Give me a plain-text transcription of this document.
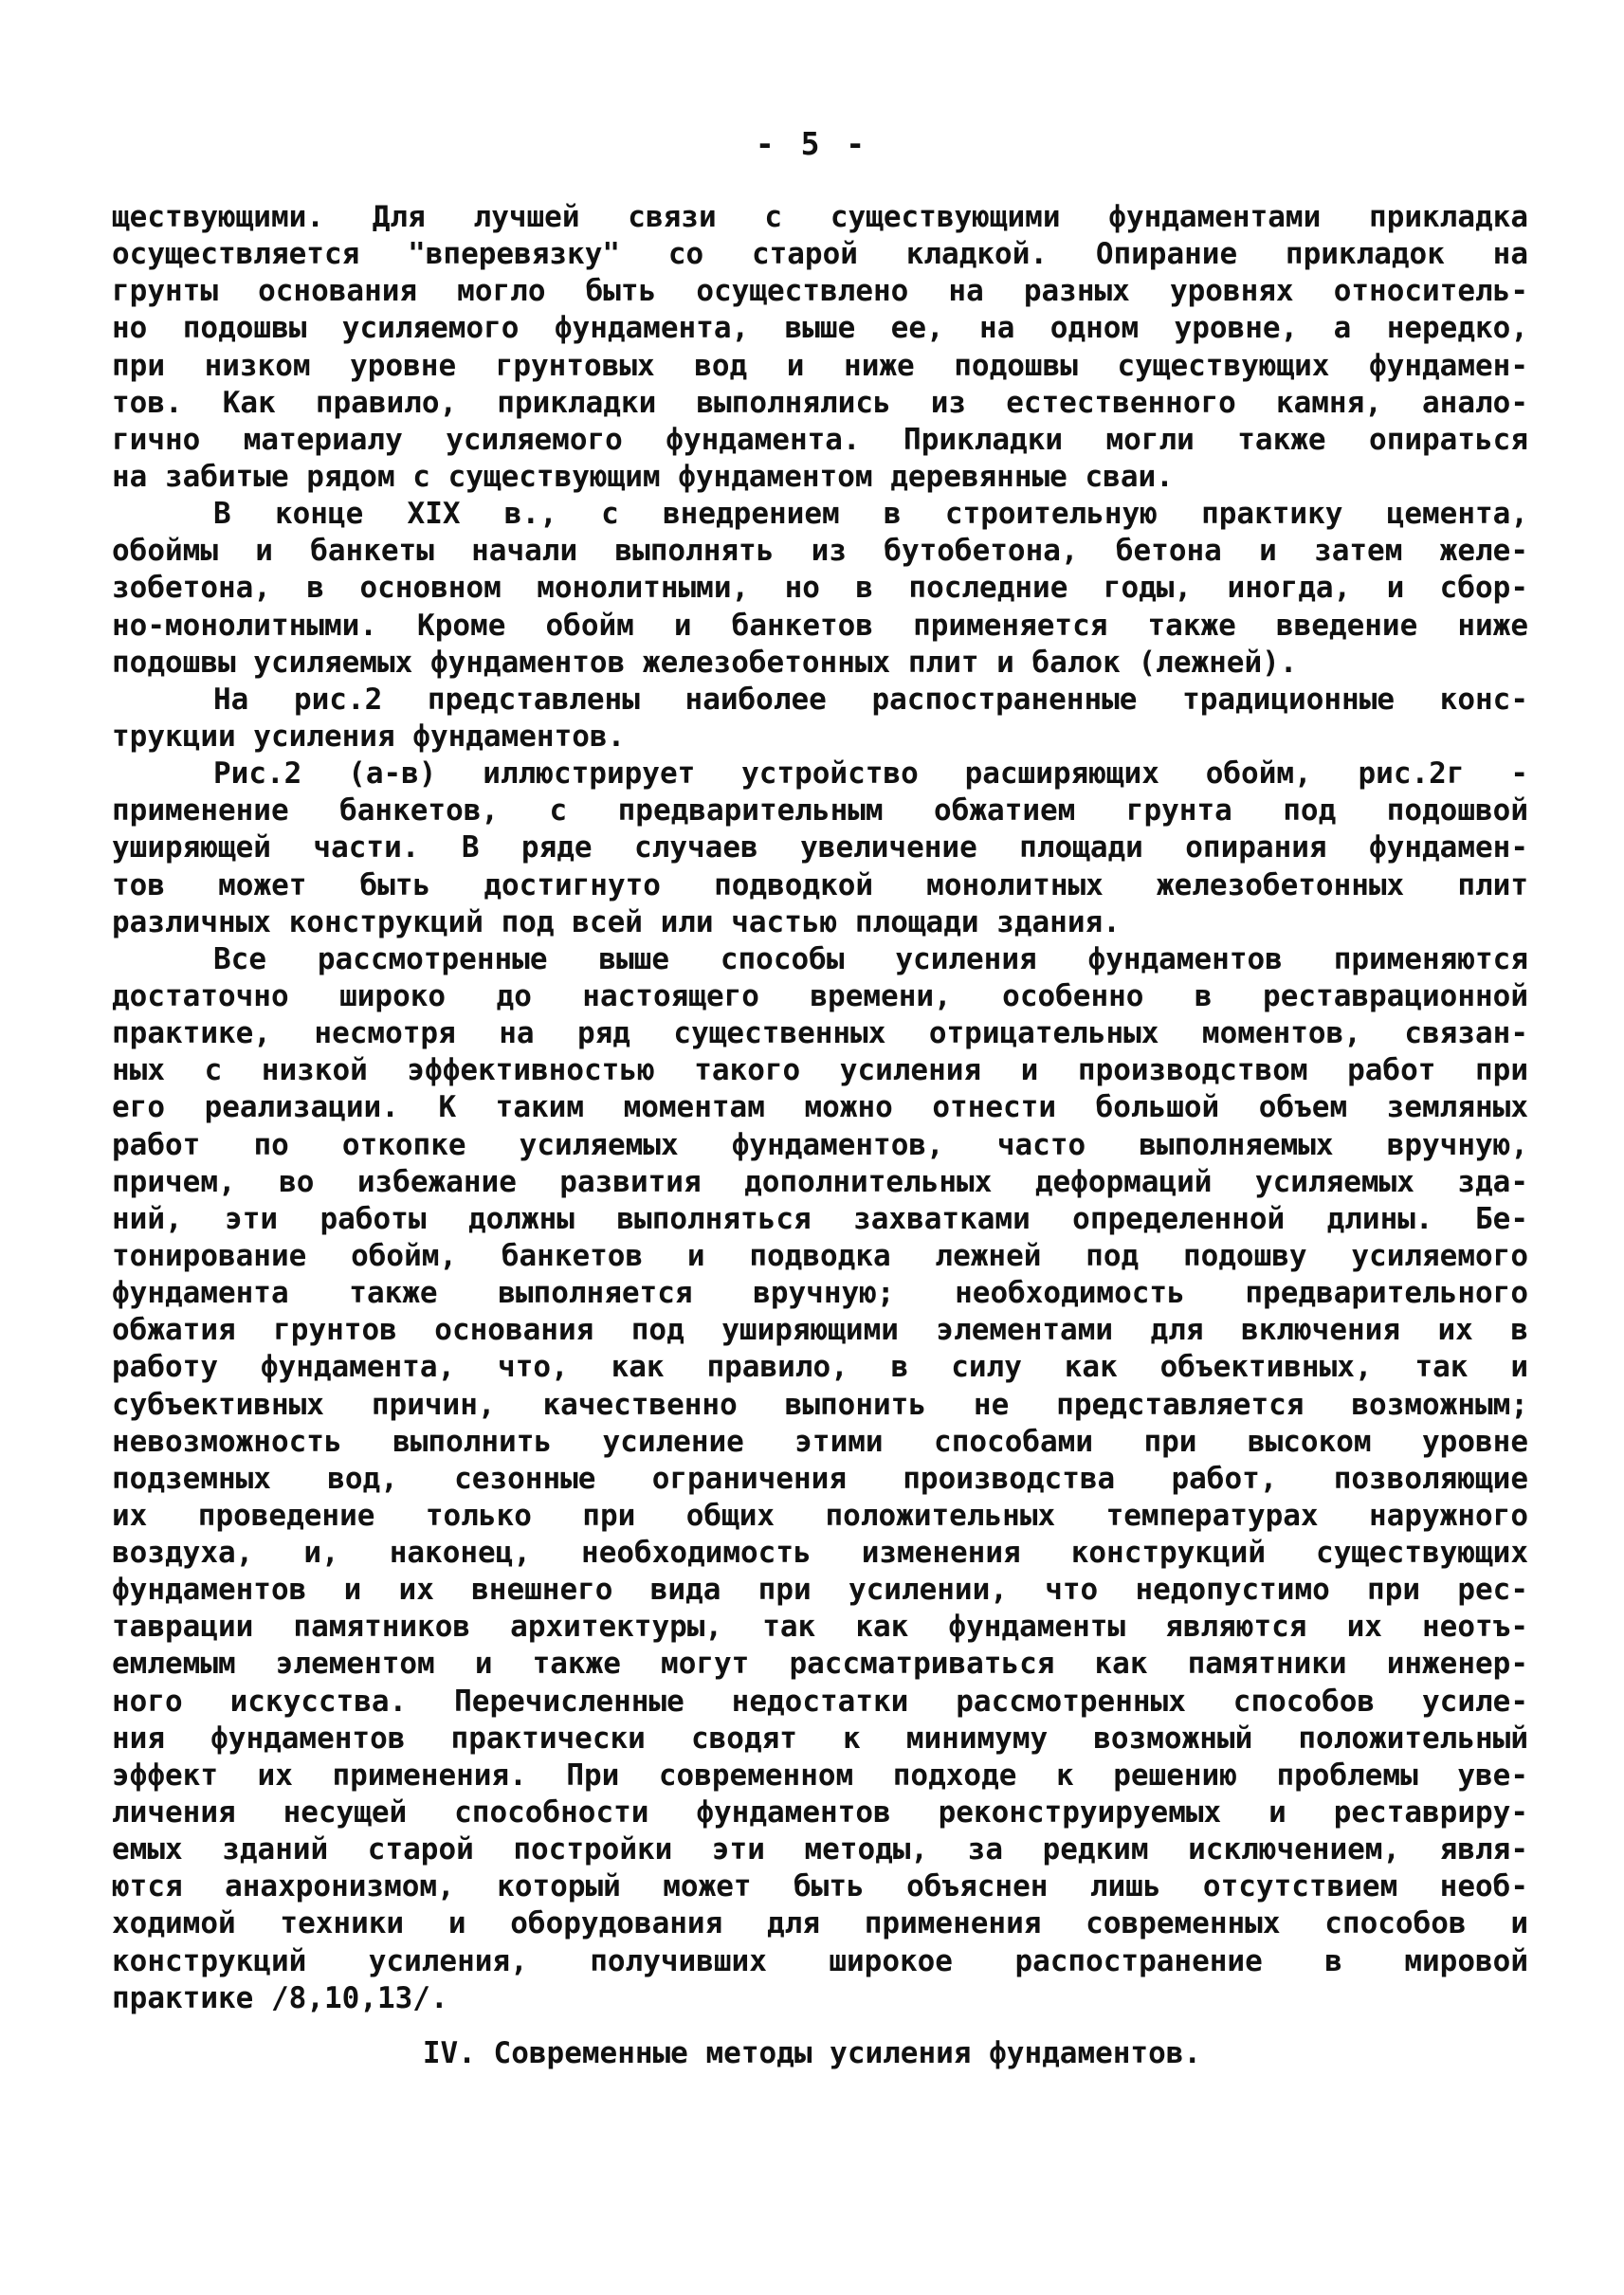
- 5 -
ществующими. Для лучшей связи с существующими фундаментами прикладка
осуществляется "вперевязку" со старой кладкой. Опирание прикладок на
грунты основания могло быть осуществлено на разных уровнях относитель-
но подошвы усиляемого фундамента, выше ее, на одном уровне, а нередко,
при низком уровне грунтовых вод и ниже подошвы существующих фундамен-
тов. Как правило, прикладки выполнялись из естественного камня, анало-
гично материалу усиляемого фундамента. Прикладки могли также опираться
на забитые рядом с существующим фундаментом деревянные сваи.
В конце XIX в., с внедрением в строительную практику цемента,
обоймы и банкеты начали выполнять из бутобетона, бетона и затем желе-
зобетона, в основном монолитными, но в последние годы, иногда, и сбор-
но-монолитными. Кроме обойм и банкетов применяется также введение ниже
подошвы усиляемых фундаментов железобетонных плит и балок (лежней).
На рис.2 представлены наиболее распостраненные традиционные конс-
трукции усиления фундаментов.
Рис.2 (а-в) иллюстрирует устройство расширяющих обойм, рис.2г -
применение банкетов, с предварительным обжатием грунта под подошвой
уширяющей части. В ряде случаев увеличение площади опирания фундамен-
тов может быть достигнуто подводкой монолитных железобетонных плит
различных конструкций под всей или частью площади здания.
Все рассмотренные выше способы усиления фундаментов применяются
достаточно широко до настоящего времени, особенно в реставрационной
практике, несмотря на ряд существенных отрицательных моментов, связан-
ных с низкой эффективностью такого усиления и производством работ при
его реализации. К таким моментам можно отнести большой объем земляных
работ по откопке усиляемых фундаментов, часто выполняемых вручную,
причем, во избежание развития дополнительных деформаций усиляемых зда-
ний, эти работы должны выполняться захватками определенной длины. Бе-
тонирование обойм, банкетов и подводка лежней под подошву усиляемого
фундамента также выполняется вручную; необходимость предварительного
обжатия грунтов основания под уширяющими элементами для включения их в
работу фундамента, что, как правило, в силу как объективных, так и
субъективных причин, качественно выпонить не представляется возможным;
невозможность выполнить усиление этими способами при высоком уровне
подземных вод, сезонные ограничения производства работ, позволяющие
их проведение только при общих положительных температурах наружного
воздуха, и, наконец, необходимость изменения конструкций существующих
фундаментов и их внешнего вида при усилении, что недопустимо при рес-
таврации памятников архитектуры, так как фундаменты являются их неотъ-
емлемым элементом и также могут рассматриваться как памятники инженер-
ного искусства. Перечисленные недостатки рассмотренных способов усиле-
ния фундаментов практически сводят к минимуму возможный положительный
эффект их применения. При современном подходе к решению проблемы уве-
личения несущей способности фундаментов реконструируемых и реставриру-
емых зданий старой постройки эти методы, за редким исключением, явля-
ются анахронизмом, который может быть объяснен лишь отсутствием необ-
ходимой техники и оборудования для применения современных способов и
конструкций усиления, получивших широкое распостранение в мировой
практике /8,10,13/.
IV. Современные методы усиления фундаментов.
